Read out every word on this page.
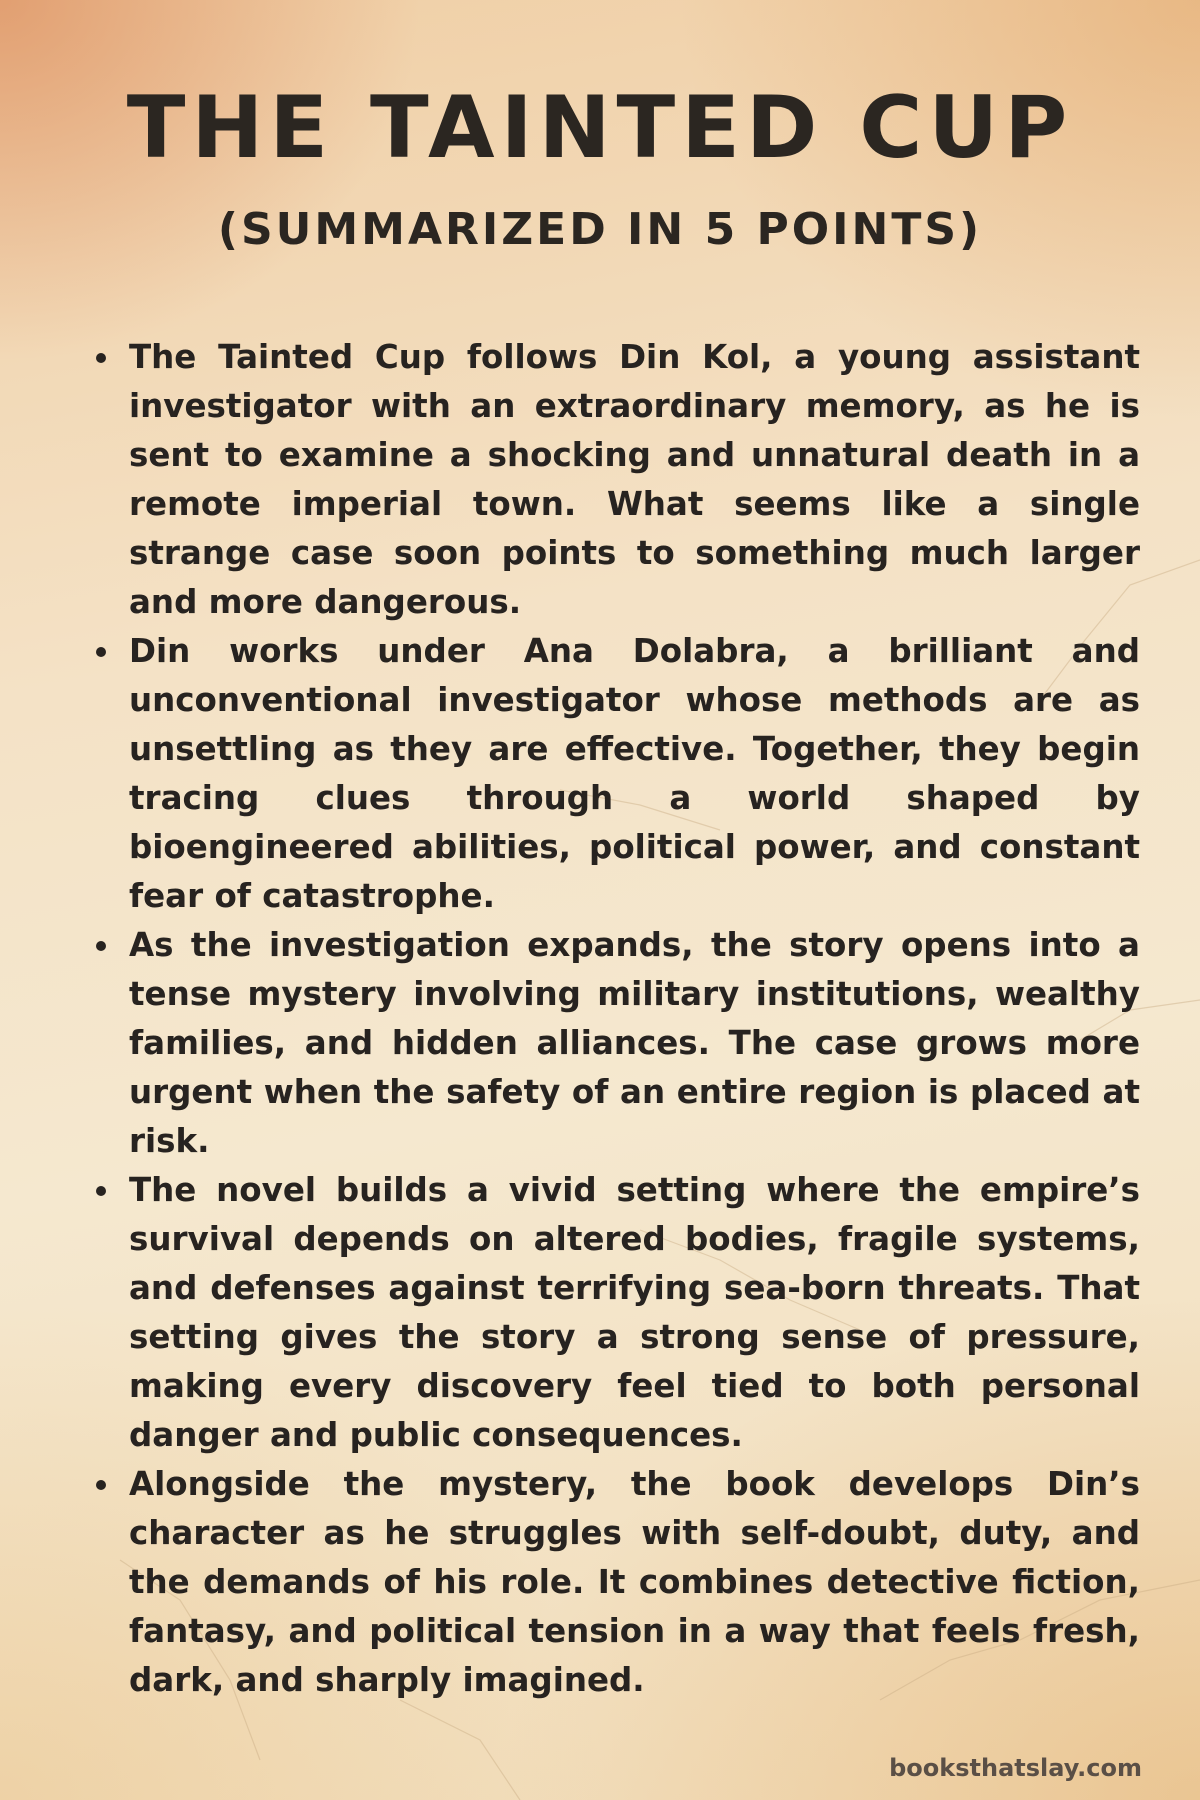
THE TAINTED CUP
(SUMMARIZED IN 5 POINTS)
The Tainted Cup follows Din Kol, a young assistant investigator with an extraordinary memory, as he is sent to examine a shocking and unnatural death in a remote imperial town. What seems like a single strange case soon points to something much larger and more dangerous.
Din works under Ana Dolabra, a brilliant and unconventional investigator whose methods are as unsettling as they are effective. Together, they begin tracing clues through a world shaped by bioengineered abilities, political power, and constant fear of catastrophe.
As the investigation expands, the story opens into a tense mystery involving military institutions, wealthy families, and hidden alliances. The case grows more urgent when the safety of an entire region is placed at risk.
The novel builds a vivid setting where the empire’s survival depends on altered bodies, fragile systems, and defenses against terrifying sea-born threats. That setting gives the story a strong sense of pressure, making every discovery feel tied to both personal danger and public consequences.
Alongside the mystery, the book develops Din’s character as he struggles with self-doubt, duty, and the demands of his role. It combines detective fiction, fantasy, and political tension in a way that feels fresh, dark, and sharply imagined.
booksthatslay.com
